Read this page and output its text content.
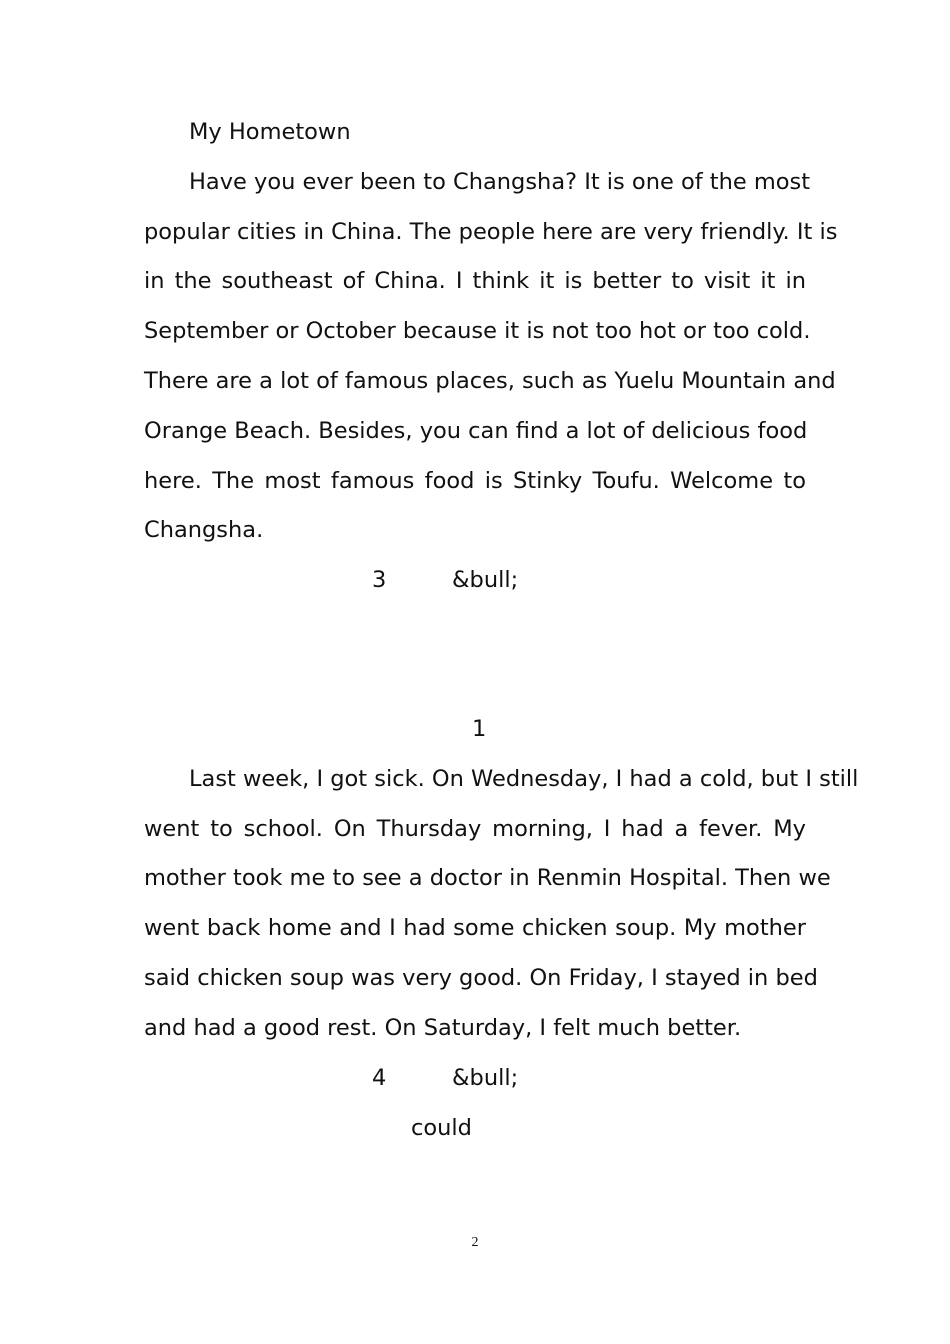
My Hometown
Have you ever been to Changsha? It is one of the most
popular cities in China. The people here are very friendly. It is
in the southeast of China. I think it is better to visit it in
September or October because it is not too hot or too cold.
There are a lot of famous places, such as Yuelu Mountain and
Orange Beach. Besides, you can find a lot of delicious food
here. The most famous food is Stinky Toufu. Welcome to
Changsha.
3	&bull;
1
Last week, I got sick. On Wednesday, I had a cold, but I still
went to school. On Thursday morning, I had a fever. My
mother took me to see a doctor in Renmin Hospital. Then we
went back home and I had some chicken soup. My mother
said chicken soup was very good. On Friday, I stayed in bed
and had a good rest. On Saturday, I felt much better.
4	&bull;
could
2
